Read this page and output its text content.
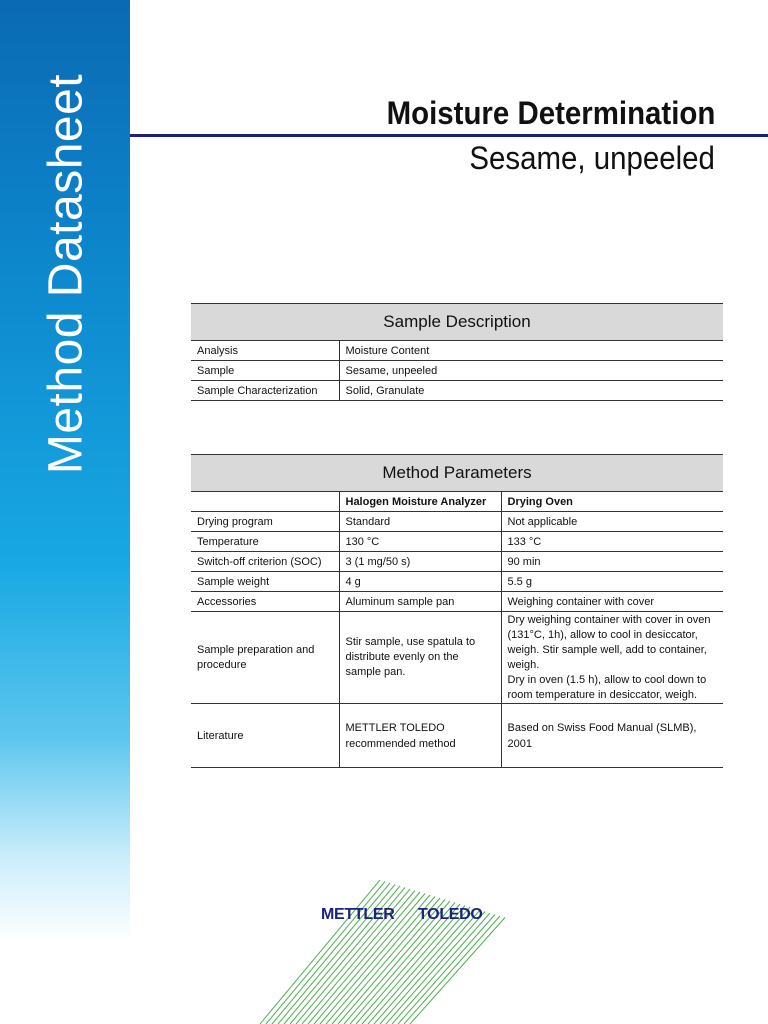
Method Datasheet	Moisture Determination
Sesame, unpeeled
Sample Description	
Analysis	Moisture Content
Sample	Sesame, unpeeled
Sample Characterization	Solid, Granulate
Method Parameters		
	Halogen Moisture Analyzer	Drying Oven
Drying program	Standard	Not applicable
Temperature	130 °C	133 °C
Switch-off criterion (SOC)	3 (1 mg/50 s)	90 min
Sample weight	4 g	5.5 g
Accessories	Aluminum sample pan	Weighing container with cover
Sample preparation and procedure	Stir sample, use spatula to distribute evenly on the sample pan.	Dry weighing container with cover in oven (131°C, 1h), allow to cool in desiccator, weigh. Stir sample well, add to container, weigh.
Dry in oven (1.5 h), allow to cool down to room temperature in desiccator, weigh.

Literature	METTLER TOLEDO recommended method	Based on Swiss Food Manual (SLMB), 2001
METTLER TOLEDO
